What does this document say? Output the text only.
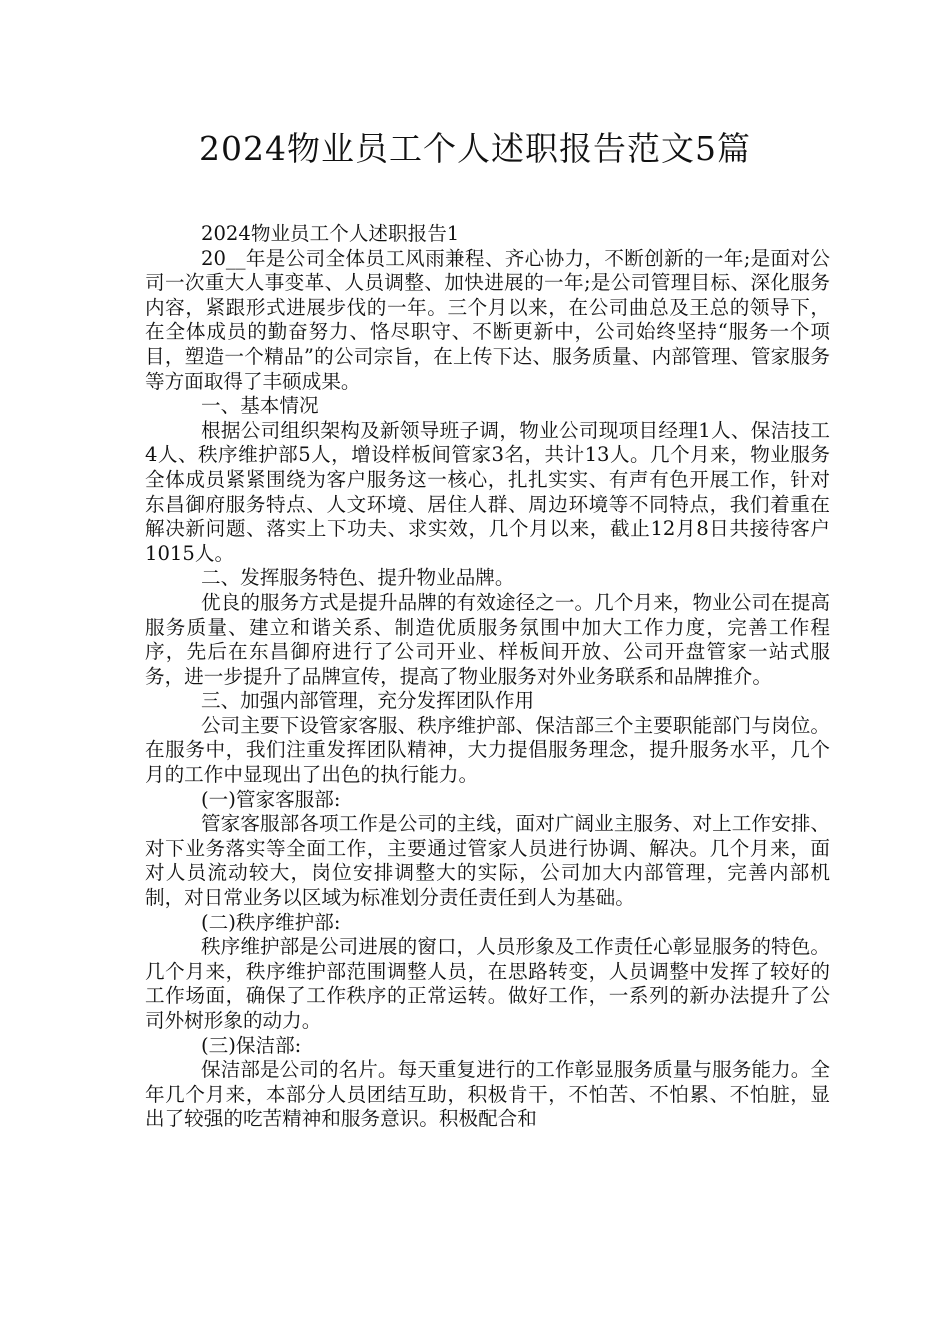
2024物业员工个人述职报告范文5篇

2024物业员工个人述职报告1

20__年是公司全体员工风雨兼程、齐心协力，不断创新的一年;是面对公司一次重大人事变革、人员调整、加快进展的一年;是公司管理目标、深化服务内容，紧跟形式进展步伐的一年。三个月以来，在公司曲总及王总的领导下，在全体成员的勤奋努力、恪尽职守、不断更新中，公司始终坚持“服务一个项目，塑造一个精品”的公司宗旨，在上传下达、服务质量、内部管理、管家服务等方面取得了丰硕成果。

一、基本情况

根据公司组织架构及新领导班子调，物业公司现项目经理1人、保洁技工4人、秩序维护部5人，增设样板间管家3名，共计13人。几个月来，物业服务全体成员紧紧围绕为客户服务这一核心，扎扎实实、有声有色开展工作，针对东昌御府服务特点、人文环境、居住人群、周边环境等不同特点，我们着重在解决新问题、落实上下功夫、求实效，几个月以来，截止12月8日共接待客户1015人。

二、发挥服务特色、提升物业品牌。

优良的服务方式是提升品牌的有效途径之一。几个月来，物业公司在提高服务质量、建立和谐关系、制造优质服务氛围中加大工作力度，完善工作程序，先后在东昌御府进行了公司开业、样板间开放、公司开盘管家一站式服务，进一步提升了品牌宣传，提高了物业服务对外业务联系和品牌推介。

三、加强内部管理，充分发挥团队作用

公司主要下设管家客服、秩序维护部、保洁部三个主要职能部门与岗位。在服务中，我们注重发挥团队精神，大力提倡服务理念，提升服务水平，几个月的工作中显现出了出色的执行能力。

(一)管家客服部:

管家客服部各项工作是公司的主线，面对广阔业主服务、对上工作安排、对下业务落实等全面工作，主要通过管家人员进行协调、解决。几个月来，面对人员流动较大，岗位安排调整大的实际，公司加大内部管理，完善内部机制，对日常业务以区域为标准划分责任责任到人为基础。

(二)秩序维护部:

秩序维护部是公司进展的窗口，人员形象及工作责任心彰显服务的特色。几个月来，秩序维护部范围调整人员，在思路转变，人员调整中发挥了较好的工作场面，确保了工作秩序的正常运转。做好工作，一系列的新办法提升了公司外树形象的动力。

(三)保洁部:

保洁部是公司的名片。每天重复进行的工作彰显服务质量与服务能力。全年几个月来，本部分人员团结互助，积极肯干，不怕苦、不怕累、不怕脏，显出了较强的吃苦精神和服务意识。积极配合和
